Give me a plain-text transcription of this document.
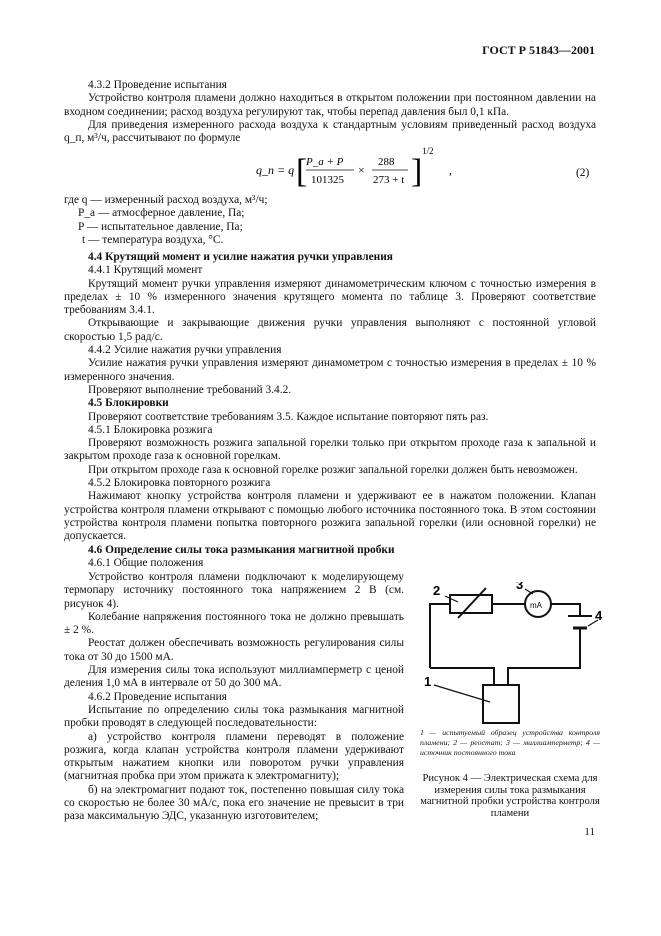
ГОСТ Р 51843—2001

4.3.2 Проведение испытания

Устройство контроля пламени должно находиться в открытом положении при постоянном давлении на входном соединении; расход воздуха регулируют так, чтобы перепад давления был 0,1 кПа.

Для приведения измеренного расхода воздуха к стандартным условиям приведенный расход воздуха q_п, м³/ч, рассчитывают по формуле

q_п = q [
P_a + P
101325
×
288
273 + t ]
1/2
,	(2)

где q — измеренный расход воздуха, м³/ч;

P_a — атмосферное давление, Па;

P — испытательное давление, Па;

t — температура воздуха, °C.

4.4 Крутящий момент и усилие нажатия ручки управления

4.4.1 Крутящий момент

Крутящий момент ручки управления измеряют динамометрическим ключом с точностью измерения в пределах ± 10 % измеренного значения крутящего момента по таблице 3. Проверяют соответствие требованиям 3.4.1.

Открывающие и закрывающие движения ручки управления выполняют с постоянной угловой скоростью 1,5 рад/с.

4.4.2 Усилие нажатия ручки управления

Усилие нажатия ручки управления измеряют динамометром с точностью измерения в пределах ± 10 % измеренного значения.

Проверяют выполнение требований 3.4.2.

4.5 Блокировки

Проверяют соответствие требованиям 3.5. Каждое испытание повторяют пять раз.

4.5.1 Блокировка розжига

Проверяют возможность розжига запальной горелки только при открытом проходе газа к запальной и закрытом проходе газа к основной горелкам.

При открытом проходе газа к основной горелке розжиг запальной горелки должен быть невозможен.

4.5.2 Блокировка повторного розжига

Нажимают кнопку устройства контроля пламени и удерживают ее в нажатом положении. Клапан устройства контроля пламени открывают с помощью любого источника постоянного тока. В этом состоянии устройства контроля пламени попытка повторного розжига запальной горелки (или основной горелки) не допускается.

4.6 Определение силы тока размыкания магнитной пробки

4.6.1 Общие положения

Устройство контроля пламени подключают к моделирующему термопару источнику постоянного тока напряжением 2 В (см. рисунок 4).

Колебание напряжения постоянного тока не должно превышать ± 2 %.

Реостат должен обеспечивать возможность регулирования силы тока от 30 до 1500 мА.

Для измерения силы тока используют миллиамперметр с ценой деления 1,0 мА в интервале от 50 до 300 мА.

4.6.2 Проведение испытания

Испытание по определению силы тока размыкания магнитной пробки проводят в следующей последовательности:

а) устройство контроля пламени переводят в положение розжига, когда клапан устройства контроля пламени удерживают открытым нажатием кнопки или поворотом ручки управления (магнитная пробка при этом прижата к электромагниту);

б) на электромагнит подают ток, постепенно повышая силу тока со скоростью не более 30 мА/с, пока его значение не превысит в три раза максимальную ЭДС, указанную изготовителем;

2	3
4
1
mA
1 — испытуемый образец устройства контроля пламени; 2 — реостат; 3 — миллиамперметр; 4 — источник постоянного тока
Рисунок 4 — Электрическая схема для измерения силы тока размыкания магнитной пробки устройства контроля пламени
11
